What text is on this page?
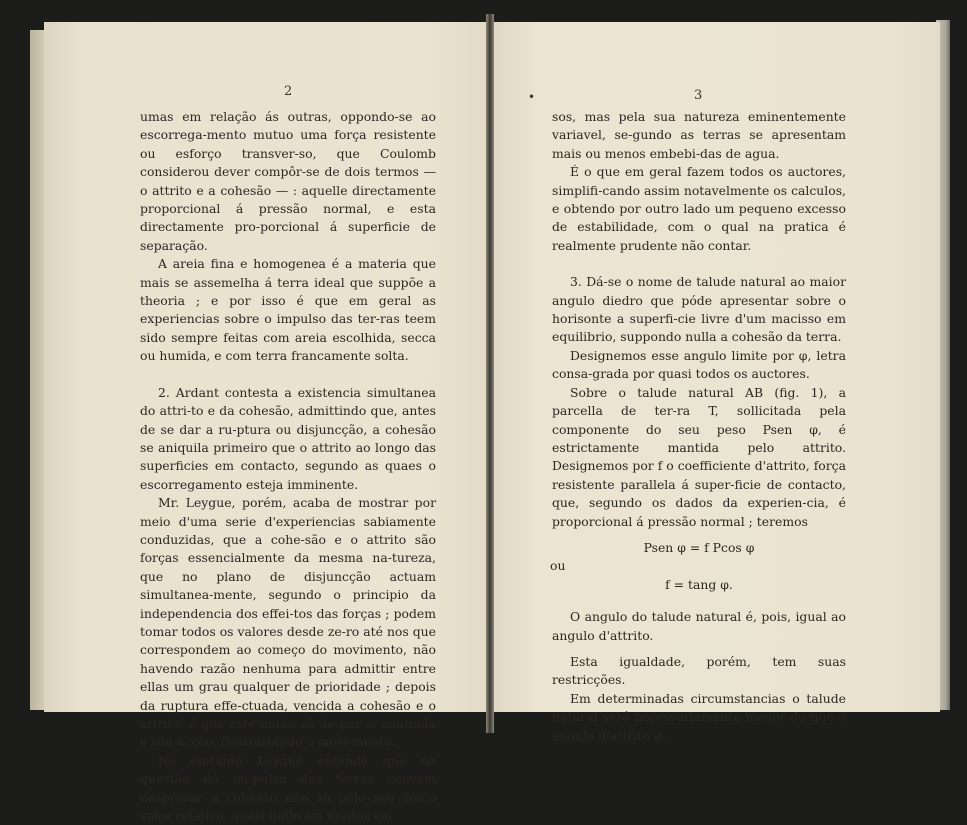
2

umas em relação ás outras, oppondo-se ao escorrega-mento mutuo uma força resistente ou esforço transver-so, que Coulomb considerou dever compôr-se de dois termos — o attrito e a cohesão — : aquelle directamente proporcional á pressão normal, e esta directamente pro-porcional á superficie de separação.

A areia fina e homogenea é a materia que mais se assemelha á terra ideal que suppõe a theoria ; e por isso é que em geral as experiencias sobre o impulso das ter-ras teem sido sempre feitas com areia escolhida, secca ou humida, e com terra francamente solta.

2. Ardant contesta a existencia simultanea do attri-to e da cohesão, admittindo que, antes de se dar a ru-ptura ou disjuncção, a cohesão se aniquila primeiro que o attrito ao longo das superficies em contacto, segundo as quaes o escorregamento esteja imminente.

Mr. Leygue, porém, acaba de mostrar por meio d'uma serie d'experiencias sabiamente conduzidas, que a cohe-são e o attrito são forças essencialmente da mesma na-tureza, que no plano de disjuncção actuam simultanea-mente, segundo o principio da independencia dos effei-tos das forças ; podem tomar todos os valores desde ze-ro até nos que correspondem ao começo do movimento, não havendo razão nenhuma para admittir entre ellas um grau qualquer de prioridade ; depois da ruptura effe-ctuada, vencida a cohesão e o attrito, é que este então só de per si continúa a sua acção, contrariando o movi-mento.

No emtanto Leygue entende que na questão do im-pulso das terras convém desprezar a cohesão não só pelo seu fraco valor relativo, quasi nullo em muitos ca-

•	3

sos, mas pela sua natureza eminentemente variavel, se-gundo as terras se apresentam mais ou menos embebi-das de agua.

É o que em geral fazem todos os auctores, simplifi-cando assim notavelmente os calculos, e obtendo por outro lado um pequeno excesso de estabilidade, com o qual na pratica é realmente prudente não contar.

3. Dá-se o nome de talude natural ao maior angulo diedro que póde apresentar sobre o horisonte a superfi-cie livre d'um macisso em equilibrio, suppondo nulla a cohesão da terra.

Designemos esse angulo limite por φ, letra consa-grada por quasi todos os auctores.

Sobre o talude natural AB (fig. 1), a parcella de ter-ra T, sollicitada pela componente do seu peso Psen φ, é estrictamente mantida pelo attrito. Designemos por f o coefficiente d'attrito, força resistente parallela á super-ficie de contacto, que, segundo os dados da experien-cia, é proporcional á pressão normal ; teremos

Psen φ = f Pcos φ

ou

f = tang φ.

O angulo do talude natural é, pois, igual ao angulo d'attrito.

Esta igualdade, porém, tem suas restricções.

Em determinadas circumstancias o talude natural será necessariamente menor do que o angulo d'attrito φ,
